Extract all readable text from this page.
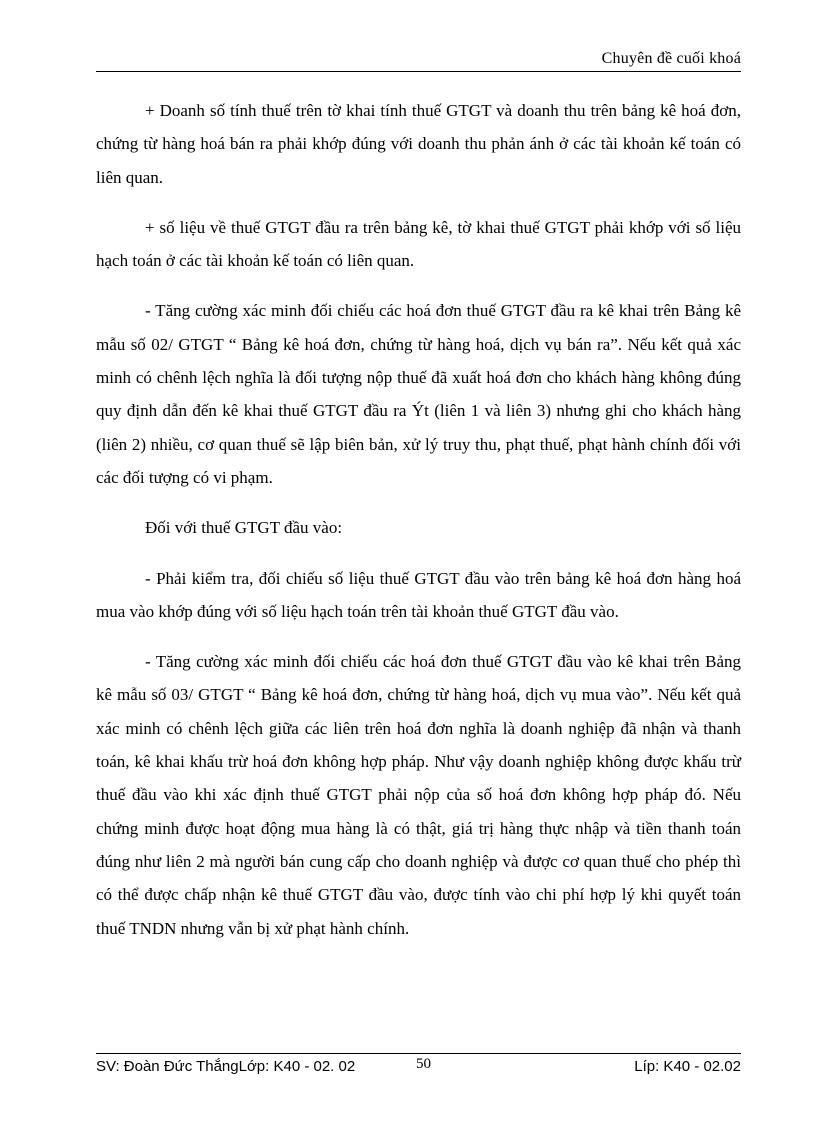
Chuyên đề cuối khoá

+ Doanh số tính thuế trên tờ khai tính thuế GTGT và doanh thu trên bảng kê hoá đơn, chứng từ hàng hoá bán ra phải khớp đúng với doanh thu phản ánh ở các tài khoản kế toán có liên quan.

+ số liệu về thuế GTGT đầu ra trên bảng kê, tờ khai thuế GTGT phải khớp với số liệu hạch toán ở các tài khoản kế toán có liên quan.

- Tăng cường xác minh đối chiếu các hoá đơn thuế GTGT đầu ra kê khai trên Bảng kê mẫu số 02/ GTGT “ Bảng kê hoá đơn, chứng từ hàng hoá, dịch vụ bán ra”. Nếu kết quả xác minh có chênh lệch nghĩa là đối tượng nộp thuế đã xuất hoá đơn cho khách hàng không đúng quy định dẫn đến kê khai thuế GTGT đầu ra Ýt (liên 1 và liên 3) nhưng ghi cho khách hàng (liên 2) nhiều, cơ quan thuế sẽ lập biên bản, xử lý truy thu, phạt thuế, phạt hành chính đối với các đối tượng có vi phạm.

Đối với thuế GTGT đầu vào:

- Phải kiểm tra, đối chiếu số liệu thuế GTGT đầu vào trên bảng kê hoá đơn hàng hoá mua vào khớp đúng với số liệu hạch toán trên tài khoản thuế GTGT đầu vào.

- Tăng cường xác minh đối chiếu các hoá đơn thuế GTGT đầu vào kê khai trên Bảng kê mẫu số 03/ GTGT “ Bảng kê hoá đơn, chứng từ hàng hoá, dịch vụ mua vào”. Nếu kết quả xác minh có chênh lệch giữa các liên trên hoá đơn nghĩa là doanh nghiệp đã nhận và thanh toán, kê khai khấu trừ hoá đơn không hợp pháp. Như vậy doanh nghiệp không được khấu trừ thuế đầu vào khi xác định thuế GTGT phải nộp của số hoá đơn không hợp pháp đó. Nếu chứng minh được hoạt động mua hàng là có thật, giá trị hàng thực nhập và tiền thanh toán đúng như liên 2 mà người bán cung cấp cho doanh nghiệp và được cơ quan thuế cho phép thì có thể được chấp nhận kê thuế GTGT đầu vào, được tính vào chi phí hợp lý khi quyết toán thuế TNDN nhưng vẫn bị xử phạt hành chính.

SV: Đoàn Đức ThắngLớp: K40 - 02. 02	50	Líp: K40 - 02.02
